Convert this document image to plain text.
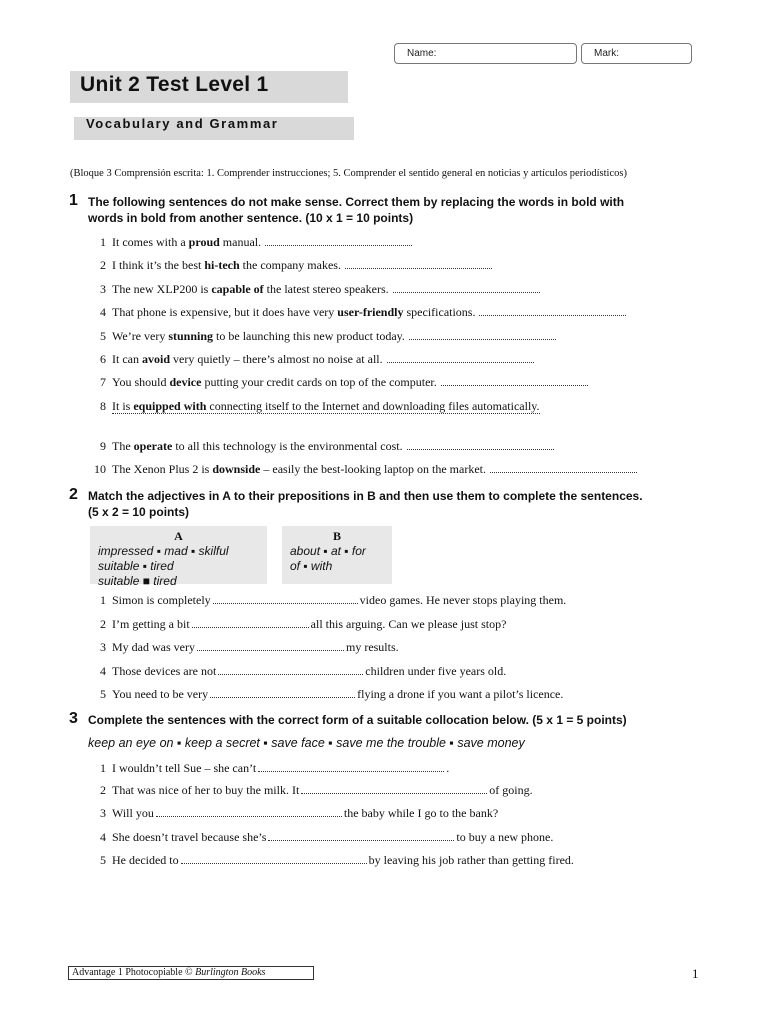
Name:	Mark:
Unit 2 Test Level 1
Vocabulary and Grammar
(Bloque 3 Comprensión escrita: 1. Comprender instrucciones; 5. Comprender el sentido general en noticias y artículos periodísticos)
1 The following sentences do not make sense. Correct them by replacing the words in bold with
words in bold from another sentence. (10 x 1 = 10 points)
1 It comes with a proud manual.
2 I think it’s the best hi-tech the company makes.
3 The new XLP200 is capable of the latest stereo speakers.
4 That phone is expensive, but it does have very user-friendly specifications.
5 We’re very stunning to be launching this new product today.
6 It can avoid very quietly – there’s almost no noise at all.
7 You should device putting your credit cards on top of the computer.
8 It is equipped with connecting itself to the Internet and downloading files automatically.
9 The operate to all this technology is the environmental cost.
10 The Xenon Plus 2 is downside – easily the best-looking laptop on the market.
2 Match the adjectives in A to their prepositions in B and then use them to complete the sentences.
(5 x 2 = 10 points)
A
impressed ▪ mad ▪ skilful
suitable ▪ tired
suitable ■ tired
B
about ▪ at ▪ for
of ▪ with
1 Simon is completely	video games. He never stops playing them.
2 I’m getting a bit	all this arguing. Can we please just stop?
3 My dad was very	my results.
4 Those devices are not	children under five years old.
5 You need to be very	flying a drone if you want a pilot’s licence.
3 Complete the sentences with the correct form of a suitable collocation below. (5 x 1 = 5 points)
keep an eye on ▪ keep a secret ▪ save face ▪ save me the trouble ▪ save money
1 I wouldn’t tell Sue – she can’t	.
2 That was nice of her to buy the milk. It	of going.
3 Will you	the baby while I go to the bank?
4 She doesn’t travel because she’s	to buy a new phone.
5 He decided to	by leaving his job rather than getting fired.
Advantage 1 Photocopiable © Burlington Books	1
